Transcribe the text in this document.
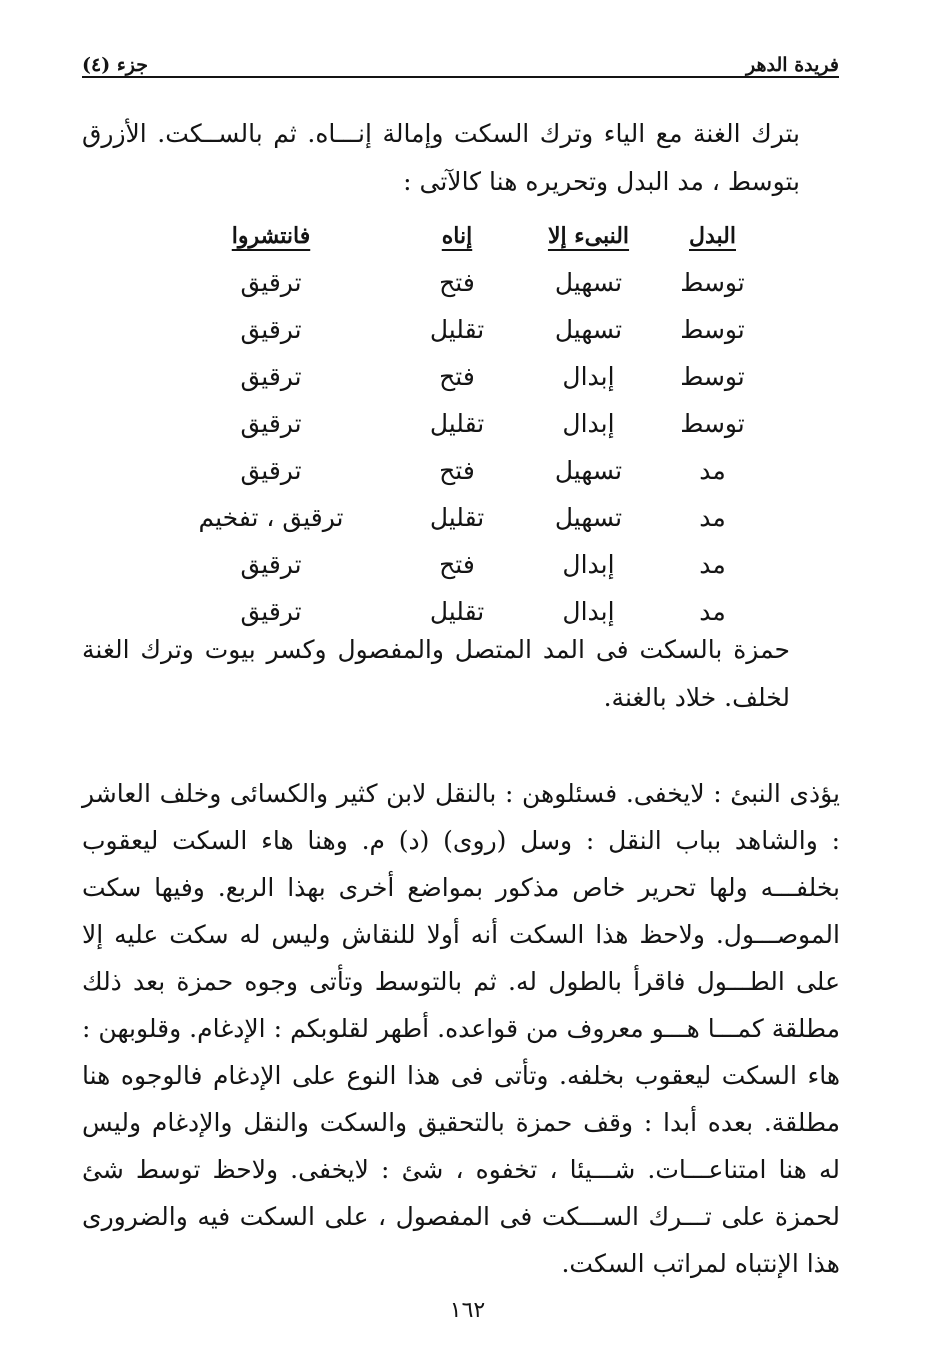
فريدة الدهر
جزء (٤)

بترك الغنة مع الياء وترك السكت وإمالة إنـــاه. ثم بالســكت. الأزرق بتوسط ، مد البدل وتحريره هنا كالآتى :

البدل
النبىء إلا
إناه
فانتشروا
توسط
تسهيل
فتح
ترقيق
توسط
تسهيل
تقليل
ترقيق
توسط
إبدال
فتح
ترقيق
توسط
إبدال
تقليل
ترقيق
مد
تسهيل
فتح
ترقيق
مد
تسهيل
تقليل
ترقيق ، تفخيم
مد
إبدال
فتح
ترقيق
مد
إبدال
تقليل
ترقيق

حمزة بالسكت فى المد المتصل والمفصول وكسر بيوت وترك الغنة لخلف. خلاد بالغنة.

يؤذى النبئ : لايخفى. فسئلوهن : بالنقل لابن كثير والكسائى وخلف العاشر : والشاهد بباب النقل : وسل (روى) (د) م. وهنا هاء السكت ليعقوب بخلفـــه ولها تحرير خاص مذكور بمواضع أخرى بهذا الربع. وفيها سكت الموصـــول. ولاحظ هذا السكت أنه أولا للنقاش وليس له سكت عليه إلا على الطـــول فاقرأ بالطول له. ثم بالتوسط وتأتى وجوه حمزة بعد ذلك مطلقة كمـــا هـــو معروف من قواعده. أطهر لقلوبكم : الإدغام. وقلوبهن : هاء السكت ليعقوب بخلفه. وتأتى فى هذا النوع على الإدغام فالوجوه هنا مطلقة. بعده أبدا : وقف حمزة بالتحقيق والسكت والنقل والإدغام وليس له هنا امتناعـــات. شـــيئا ، تخفوه ، شئ : لايخفى. ولاحظ توسط شئ لحمزة على تـــرك الســـكت فى المفصول ، على السكت فيه والضرورى هذا الإنتباه لمراتب السكت.

١٦٢
